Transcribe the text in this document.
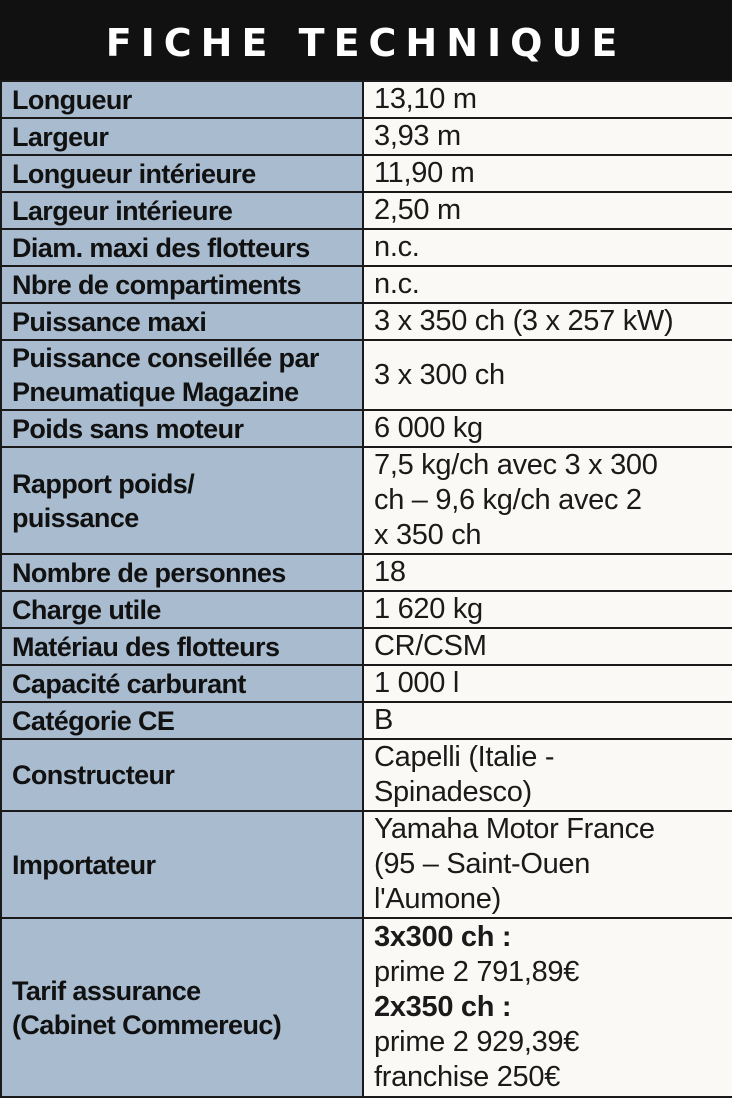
FICHE TECHNIQUE
Longueur	13,10 m

Largeur	3,93 m

Longueur intérieure	11,90 m

Largeur intérieure	2,50 m

Diam. maxi des flotteurs	n.c.

Nbre de compartiments	n.c.

Puissance maxi	3 x 350 ch (3 x 257 kW)

Puissance conseillée par
Pneumatique Magazine	3 x 300 ch

Poids sans moteur	6 000 kg

Rapport poids/
puissance	7,5 kg/ch avec 3 x 300
ch – 9,6 kg/ch avec 2
x 350 ch

Nombre de personnes	18

Charge utile	1 620 kg

Matériau des flotteurs	CR/CSM

Capacité carburant	1 000 l

Catégorie CE	B

Constructeur	Capelli (Italie -
Spinadesco)

Importateur	Yamaha Motor France
(95 – Saint-Ouen
l'Aumone)

Tarif assurance
(Cabinet Commereuc)	3x300 ch :
prime 2 791,89€
2x350 ch :
prime 2 929,39€
franchise 250€
